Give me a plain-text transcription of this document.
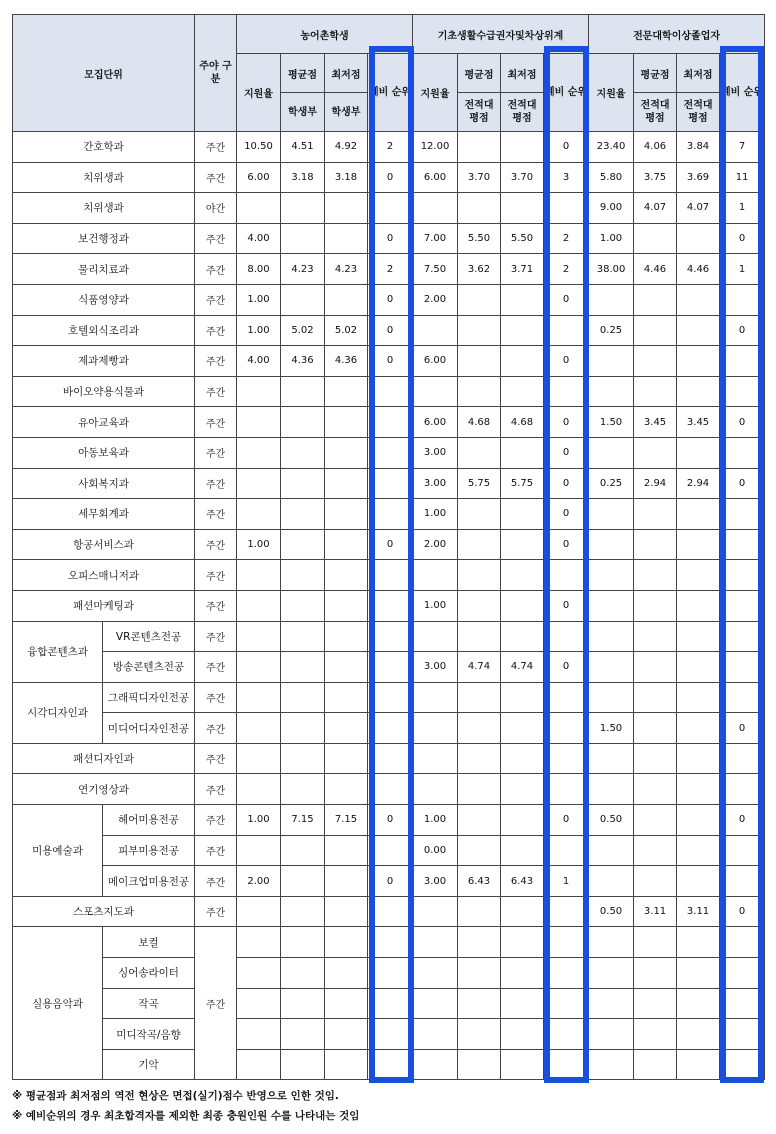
모집단위		주야 구분	농어촌학생				기초생활수급권자및차상위계				전문대학이상졸업자			
			지원율	평균점	최저점	예비 순위	지원율	평균점	최저점	예비 순위	지원율	평균점	최저점	예비 순위
				학생부	학생부			전적대 평점	전적대 평점			전적대 평점	전적대 평점	
간호학과		주간	10.50	4.51	4.92	2	12.00			0	23.40	4.06	3.84	7
치위생과		주간	6.00	3.18	3.18	0	6.00	3.70	3.70	3	5.80	3.75	3.69	11
치위생과		야간									9.00	4.07	4.07	1
보건행정과		주간	4.00			0	7.00	5.50	5.50	2	1.00			0
물리치료과		주간	8.00	4.23	4.23	2	7.50	3.62	3.71	2	38.00	4.46	4.46	1
식품영양과		주간	1.00			0	2.00			0				
호텔외식조리과		주간	1.00	5.02	5.02	0					0.25			0
제과제빵과		주간	4.00	4.36	4.36	0	6.00			0				
바이오약용식물과		주간												
유아교육과		주간					6.00	4.68	4.68	0	1.50	3.45	3.45	0
아동보육과		주간					3.00			0				
사회복지과		주간					3.00	5.75	5.75	0	0.25	2.94	2.94	0
세무회계과		주간					1.00			0				
항공서비스과		주간	1.00			0	2.00			0				
오피스매니저과		주간												
패션마케팅과		주간					1.00			0				
융합콘텐츠과	VR콘텐츠전공	주간												
	방송콘텐츠전공	주간					3.00	4.74	4.74	0				
시각디자인과	그래픽디자인전공	주간												
	미디어디자인전공	주간									1.50			0
패션디자인과		주간												
연기영상과		주간												
미용예술과	헤어미용전공	주간	1.00	7.15	7.15	0	1.00			0	0.50			0
	피부미용전공	주간					0.00							
	메이크업미용전공	주간	2.00			0	3.00	6.43	6.43	1				
스포츠지도과		주간									0.50	3.11	3.11	0
실용음악과	보컬	주간												
	싱어송라이터													
	작곡													
	미디작곡/음향													
	기악													
※ 평균점과 최저점의 역전 현상은 면접(실기)점수 반영으로 인한 것임.
※ 예비순위의 경우 최초합격자를 제외한 최종 충원인원 수를 나타내는 것임
